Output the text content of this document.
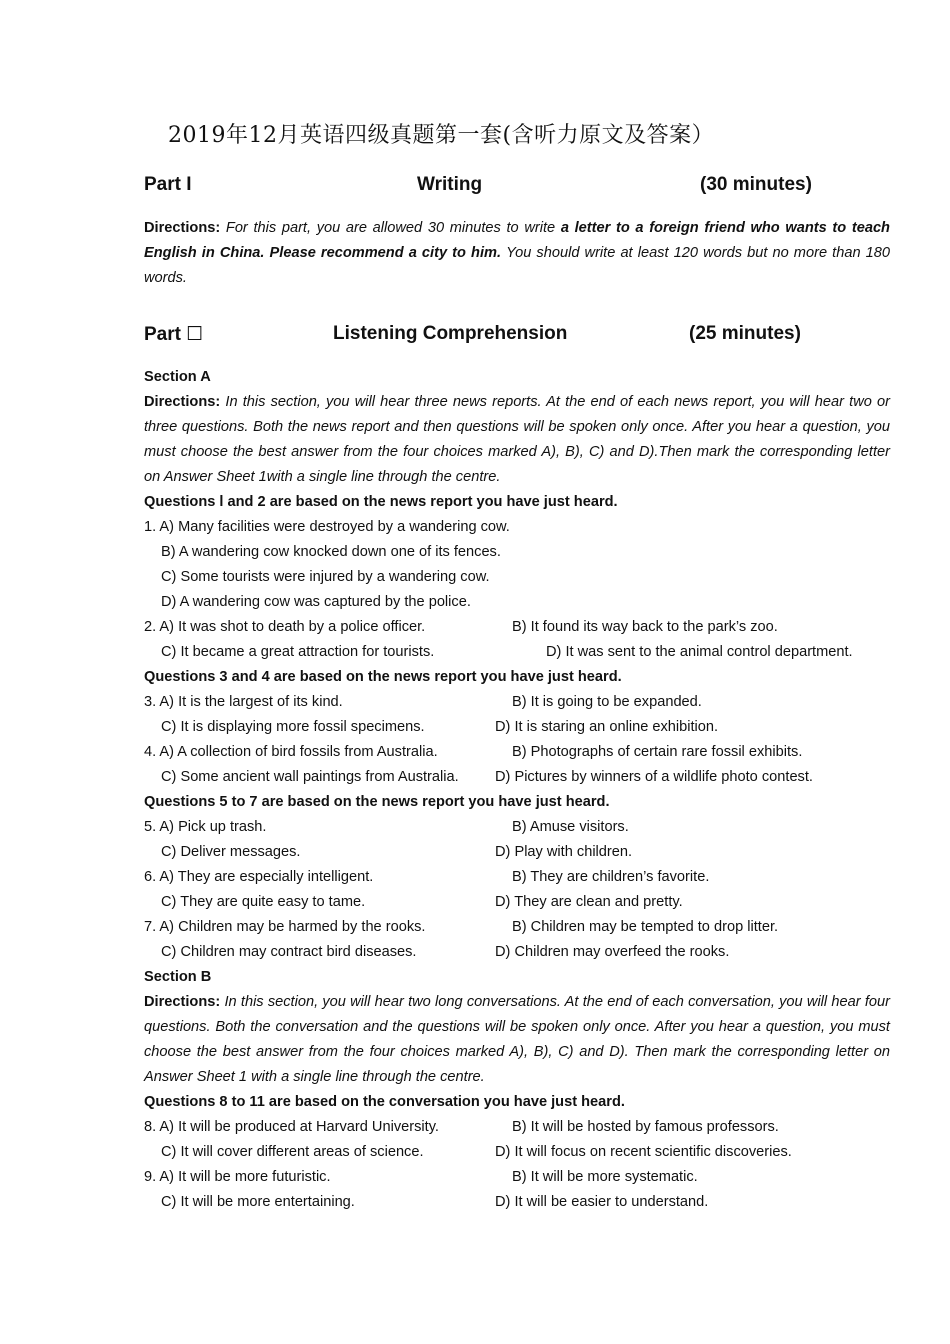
2019年12月英语四级真题第一套(含听力原文及答案）
Part I	Writing	(30 minutes)
Directions: For this part, you are allowed 30 minutes to write a letter to a foreign friend who wants to teach English in China. Please recommend a city to him. You should write at least 120 words but no more than 180 words.
Part ☐	Listening Comprehension	(25 minutes)
Section A
Directions: In this section, you will hear three news reports. At the end of each news report, you will hear two or three questions. Both the news report and then questions will be spoken only once. After you hear a question, you must choose the best answer from the four choices marked A), B), C) and D).Then mark the corresponding letter on Answer Sheet 1with a single line through the centre.
Questions l and 2 are based on the news report you have just heard.
1. A) Many facilities were destroyed by a wandering cow.
B) A wandering cow knocked down one of its fences.
C) Some tourists were injured by a wandering cow.
D) A wandering cow was captured by the police.
2. A) It was shot to death by a police officer.	B) It found its way back to the park’s zoo.
C) It became a great attraction for tourists.	D) It was sent to the animal control department.
Questions 3 and 4 are based on the news report you have just heard.
3. A) It is the largest of its kind.	B) It is going to be expanded.
C) It is displaying more fossil specimens.	D) It is staring an online exhibition.
4. A) A collection of bird fossils from Australia.	B) Photographs of certain rare fossil exhibits.
C) Some ancient wall paintings from Australia. D) Pictures by winners of a wildlife photo contest.
Questions 5 to 7 are based on the news report you have just heard.
5. A) Pick up trash.	B) Amuse visitors.
C) Deliver messages.	D) Play with children.
6. A) They are especially intelligent.	B) They are children’s favorite.
C) They are quite easy to tame.	D) They are clean and pretty.
7. A) Children may be harmed by the rooks.	B) Children may be tempted to drop litter.
C) Children may contract bird diseases.	D) Children may overfeed the rooks.
Section B
Directions: In this section, you will hear two long conversations. At the end of each conversation, you will hear four questions. Both the conversation and the questions will be spoken only once. After you hear a question, you must choose the best answer from the four choices marked A), B), C) and D). Then mark the corresponding letter on Answer Sheet 1 with a single line through the centre.
Questions 8 to 11 are based on the conversation you have just heard.
8. A) It will be produced at Harvard University.	B) It will be hosted by famous professors.
C) It will cover different areas of science.	D) It will focus on recent scientific discoveries.
9. A) It will be more futuristic.	B) It will be more systematic.
C) It will be more entertaining.	D) It will be easier to understand.
